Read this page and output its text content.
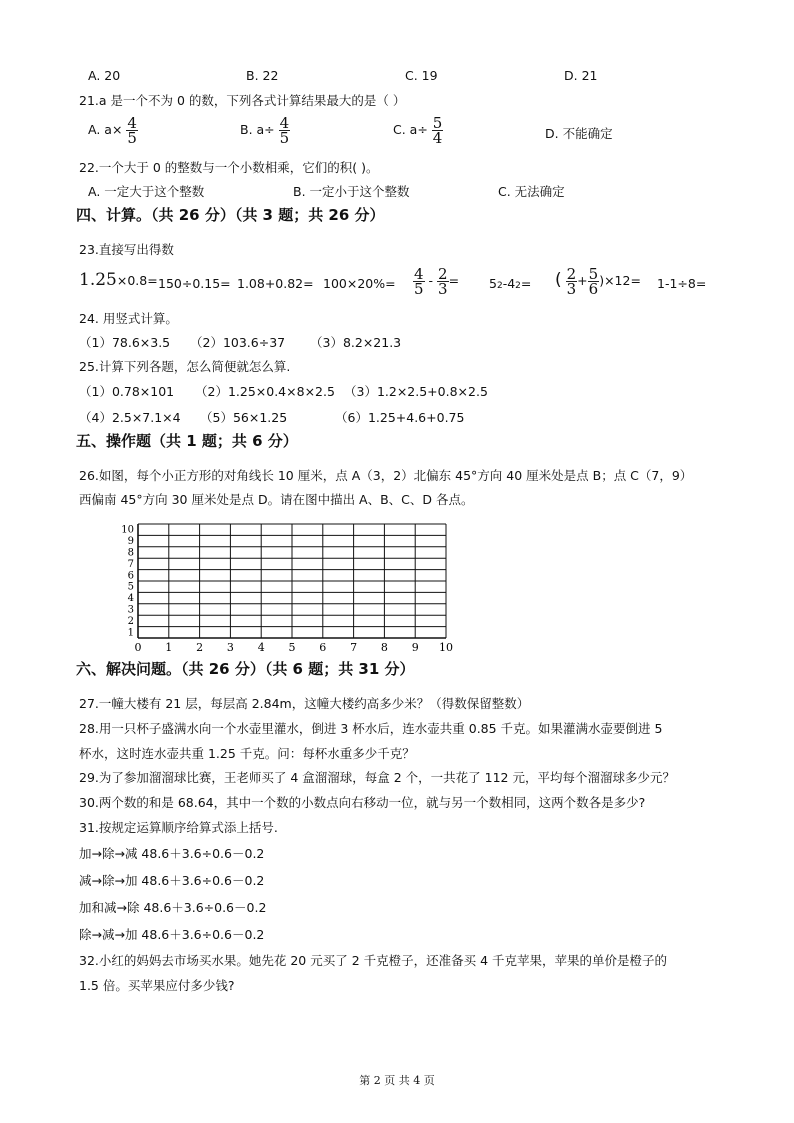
A. 20	B. 22	C. 19	D. 21
21.a 是一个不为 0 的数，下列各式计算结果最大的是（ ）
A. $a\times \frac{4}{5}$	B. $a\div \frac{4}{5}$	C. $a\div \frac{5}{4}$	D. 不能确定
22.一个大于 0 的整数与一个小数相乘，它们的积( )。
A. 一定大于这个整数	B. 一定小于这个整数	C. 无法确定
四、计算。（共 26 分）（共 3 题；共 26 分）
23.直接写出得数
$1.25\times 0.8= 150\div 0.15= 1.08+0.82= 100\times 20\%= \frac{4}{5} - \frac{2}{3} = 52-42=$ ( $\frac{2}{3} + \frac{5}{6} )\times 12= 1-1\div 8=$
24. 用竖式计算。
（1）78.6×3.5 （2）103.6÷37 （3）8.2×21.3
25.计算下列各题，怎么简便就怎么算.
（1）0.78×101 （2）1.25×0.4×8×2.5 （3）1.2×2.5+0.8×2.5
（4）2.5×7.1×4 （5）56×1.25	（6）1.25+4.6+0.75
五、操作题（共 1 题；共 6 分）
26.如图，每个小正方形的对角线长 10 厘米，点 A（3，2）北偏东 45°方向 40 厘米处是点 B；点 C（7，9）
西偏南 45°方向 30 厘米处是点 D。请在图中描出 A、B、C、D 各点。
10
9
8
7
6
5
4
3
2
1
0 1 2 3 4 5 6 7 8 9 10
六、解决问题。（共 26 分）（共 6 题；共 31 分）
27.一幢大楼有 21 层，每层高 2.84m，这幢大楼约高多少米？（得数保留整数）
28.用一只杯子盛满水向一个水壶里灌水，倒进 3 杯水后，连水壶共重 0.85 千克。如果灌满水壶要倒进 5
杯水，这时连水壶共重 1.25 千克。问：每杯水重多少千克？
29.为了参加溜溜球比赛，王老师买了 4 盒溜溜球，每盒 2 个，一共花了 112 元，平均每个溜溜球多少元？
30.两个数的和是 68.64，其中一个数的小数点向右移动一位，就与另一个数相同，这两个数各是多少?
31.按规定运算顺序给算式添上括号.
加→除→减 48.6＋3.6÷0.6－0.2
减→除→加 48.6＋3.6÷0.6－0.2
加和减→除 48.6＋3.6÷0.6－0.2
除→减→加 48.6＋3.6÷0.6－0.2
32.小红的妈妈去市场买水果。她先花 20 元买了 2 千克橙子，还准备买 4 千克苹果，苹果的单价是橙子的
1.5 倍。买苹果应付多少钱?
第 2 页 共 4 页
